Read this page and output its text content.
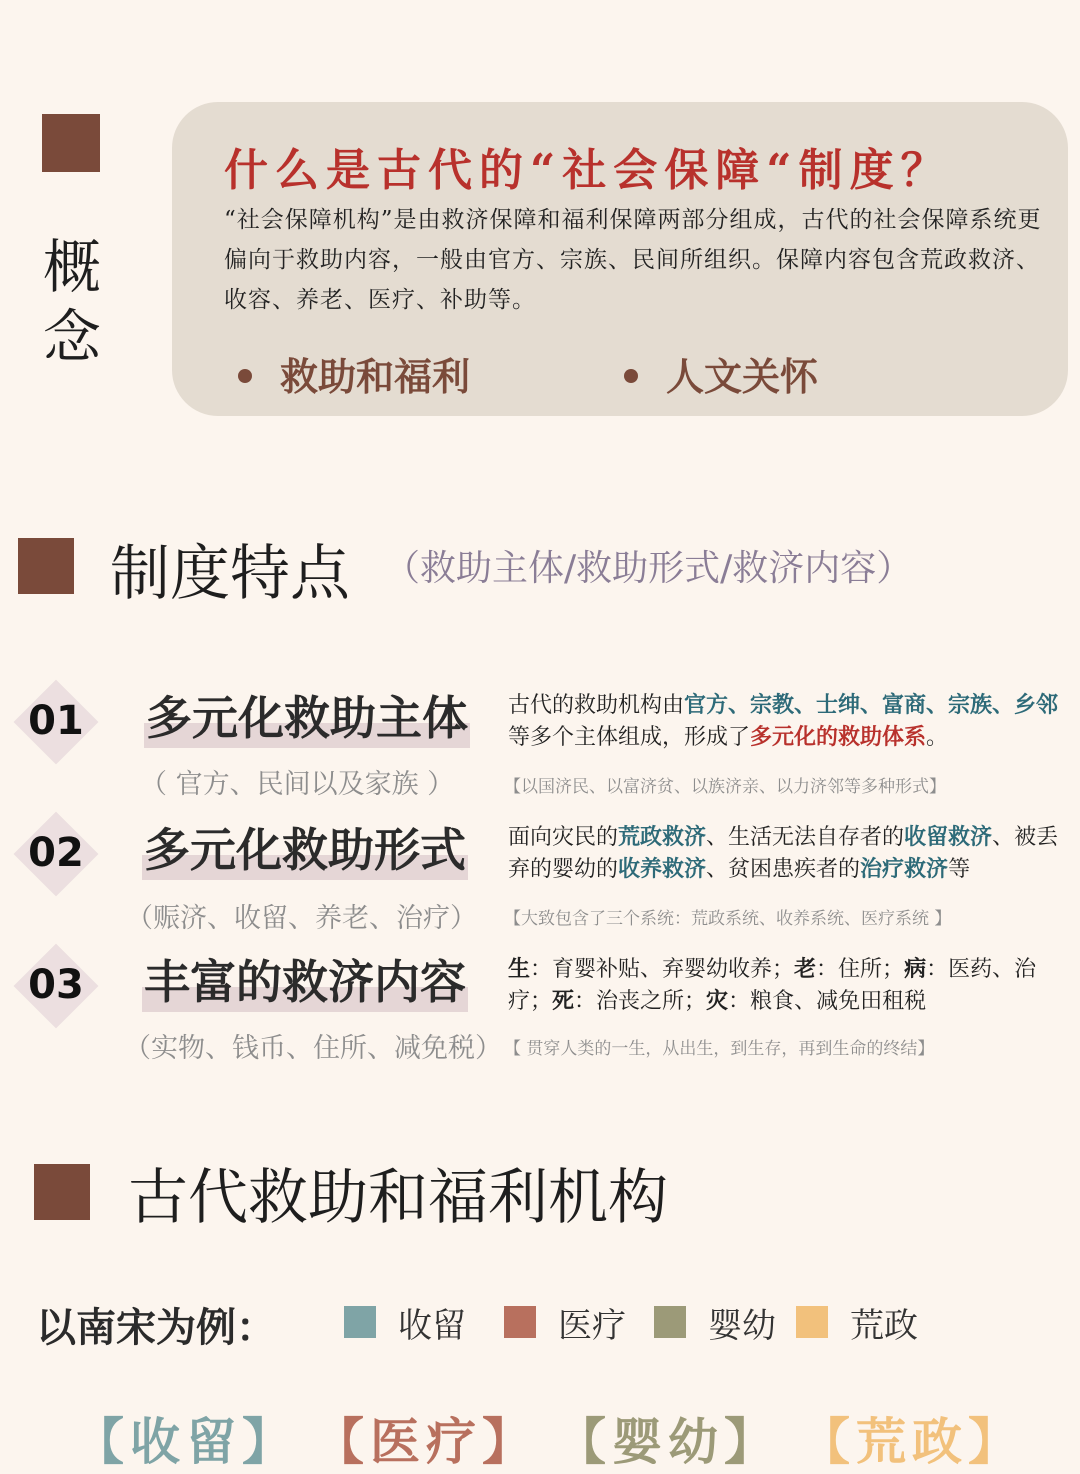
概念
什么是古代的“社会保障“制度？

“社会保障机构”是由救济保障和福利保障两部分组成，古代的社会保障系统更偏向于救助内容，一般由官方、宗族、民间所组织。保障内容包含荒政救济、收容、养老、医疗、补助等。

救助和福利	人文关怀
制度特点 （救助主体/救助形式/救济内容）
01 多元化救助主体
（ 官方、民间以及家族 ）

古代的救助机构由官方、宗教、士绅、富商、宗族、乡邻等多个主体组成，形成了多元化的救助体系。

【以国济民、以富济贫、以族济亲、以力济邻等多种形式】
02 多元化救助形式
（赈济、收留、养老、治疗）

面向灾民的荒政救济、生活无法自存者的收留救济、被丢弃的婴幼的收养救济、贫困患疾者的治疗救济等

【大致包含了三个系统：荒政系统、收养系统、医疗系统 】
03 丰富的救济内容
（实物、钱币、住所、减免税）

生：育婴补贴、弃婴幼收养；老：住所；病：医药、治疗；死：治丧之所；灾：粮食、减免田租税

【 贯穿人类的一生，从出生，到生存，再到生命的终结】
古代救助和福利机构
以南宋为例：	收留	医疗 婴幼 荒政
【收留】 【医疗】 【婴幼】 【荒政】
